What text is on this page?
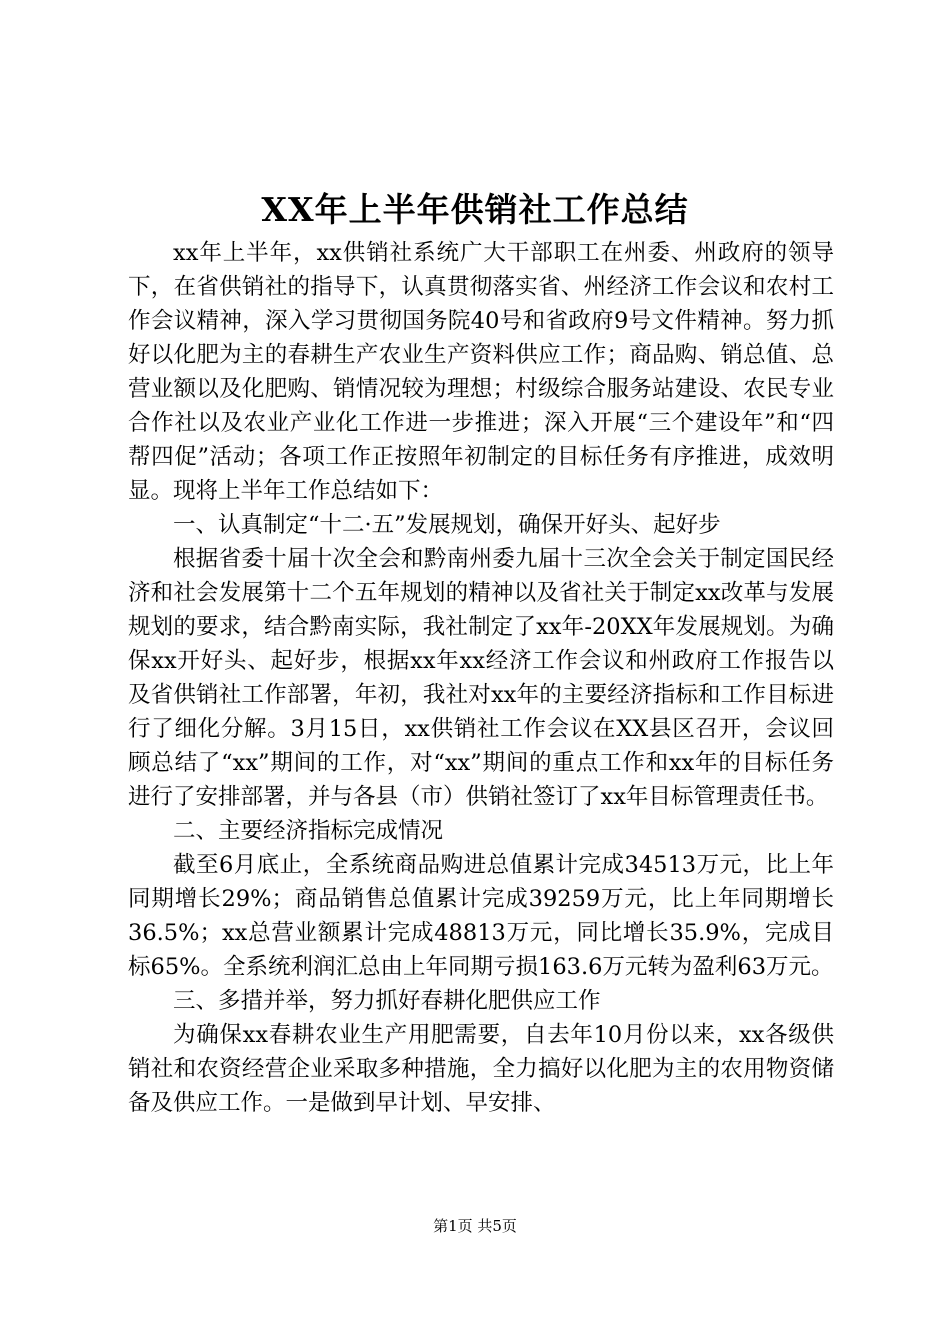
XX年上半年供销社工作总结

xx年上半年，xx供销社系统广大干部职工在州委、州政府的领导下，在省供销社的指导下，认真贯彻落实省、州经济工作会议和农村工作会议精神，深入学习贯彻国务院40号和省政府9号文件精神。努力抓好以化肥为主的春耕生产农业生产资料供应工作；商品购、销总值、总营业额以及化肥购、销情况较为理想；村级综合服务站建设、农民专业合作社以及农业产业化工作进一步推进；深入开展“三个建设年”和“四帮四促”活动；各项工作正按照年初制定的目标任务有序推进，成效明显。现将上半年工作总结如下：

一、认真制定“十二·五”发展规划，确保开好头、起好步

根据省委十届十次全会和黔南州委九届十三次全会关于制定国民经济和社会发展第十二个五年规划的精神以及省社关于制定xx改革与发展规划的要求，结合黔南实际，我社制定了xx年-20XX年发展规划。为确保xx开好头、起好步，根据xx年xx经济工作会议和州政府工作报告以及省供销社工作部署，年初，我社对xx年的主要经济指标和工作目标进行了细化分解。3月15日，xx供销社工作会议在XX县区召开，会议回顾总结了“xx”期间的工作，对“xx”期间的重点工作和xx年的目标任务进行了安排部署，并与各县（市）供销社签订了xx年目标管理责任书。

二、主要经济指标完成情况

截至6月底止，全系统商品购进总值累计完成34513万元，比上年同期增长29%；商品销售总值累计完成39259万元，比上年同期增长36.5%；xx总营业额累计完成48813万元，同比增长35.9%，完成目标65%。全系统利润汇总由上年同期亏损163.6万元转为盈利63万元。

三、多措并举，努力抓好春耕化肥供应工作

为确保xx春耕农业生产用肥需要，自去年10月份以来，xx各级供销社和农资经营企业采取多种措施，全力搞好以化肥为主的农用物资储备及供应工作。一是做到早计划、早安排、

第1页 共5页
